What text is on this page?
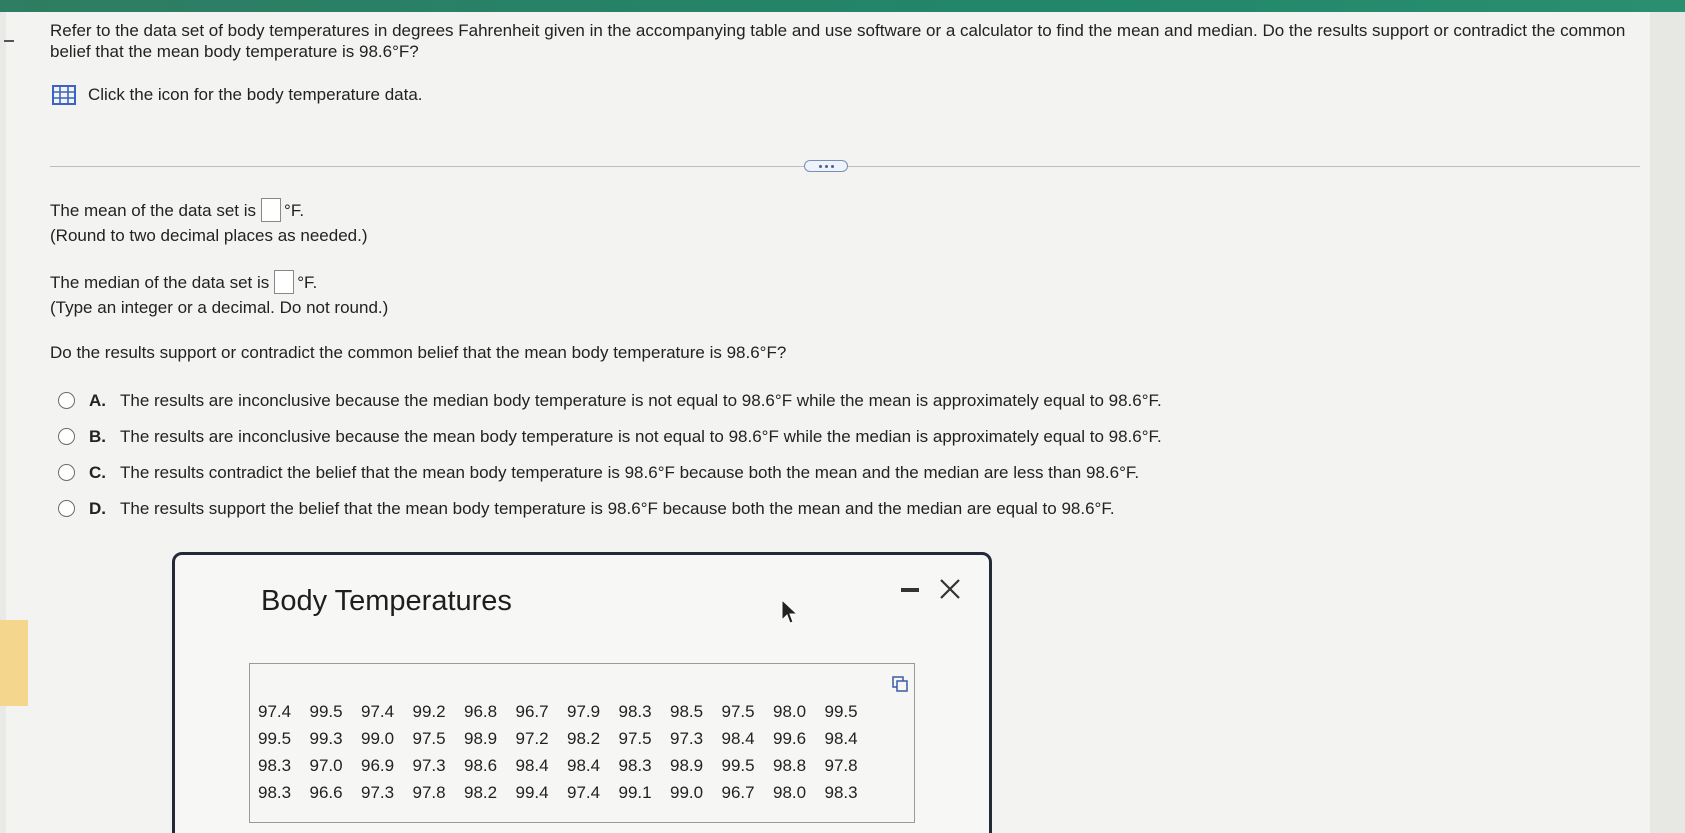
Refer to the data set of body temperatures in degrees Fahrenheit given in the accompanying table and use software or a calculator to find the mean and median. Do the results support or contradict the common belief that the mean body temperature is 98.6°F?
Click the icon for the body temperature data.
The mean of the data set is °F.
(Round to two decimal places as needed.)
The median of the data set is °F.
(Type an integer or a decimal. Do not round.)
Do the results support or contradict the common belief that the mean body temperature is 98.6°F?
A. The results are inconclusive because the median body temperature is not equal to 98.6°F while the mean is approximately equal to 98.6°F.
B. The results are inconclusive because the mean body temperature is not equal to 98.6°F while the median is approximately equal to 98.6°F.
C. The results contradict the belief that the mean body temperature is 98.6°F because both the mean and the median are less than 98.6°F.
D. The results support the belief that the mean body temperature is 98.6°F because both the mean and the median are equal to 98.6°F.
Body Temperatures
97.4	99.5	97.4	99.2	96.8	96.7	97.9	98.3	98.5	97.5	98.0	99.5
99.5	99.3	99.0	97.5	98.9	97.2	98.2	97.5	97.3	98.4	99.6	98.4
98.3	97.0	96.9	97.3	98.6	98.4	98.4	98.3	98.9	99.5	98.8	97.8
98.3	96.6	97.3	97.8	98.2	99.4	97.4	99.1	99.0	96.7	98.0	98.3
